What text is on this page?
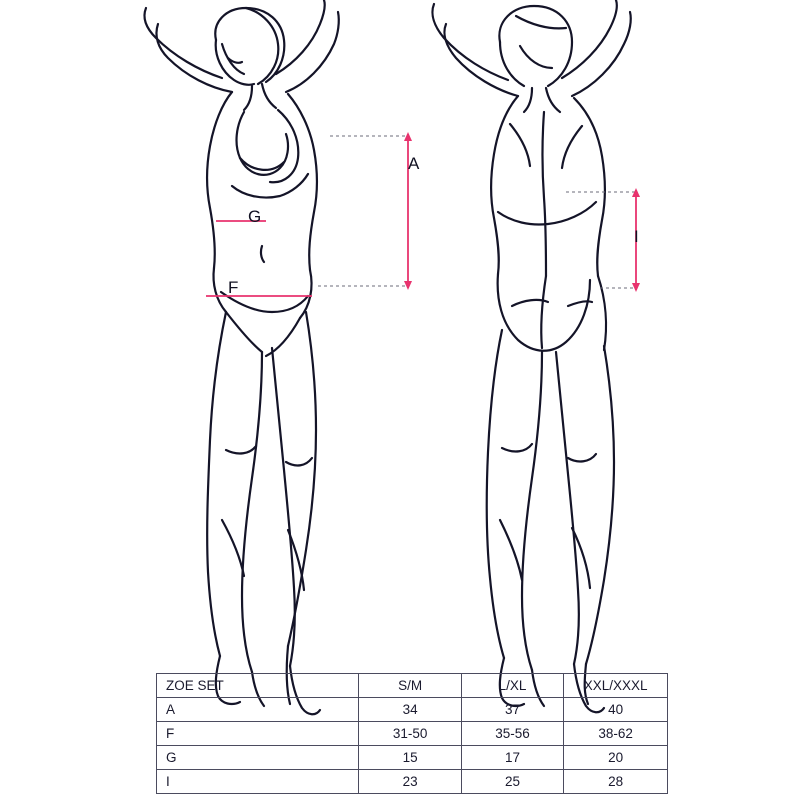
A
G
F
I
ZOE SET	S/M	L/XL	XXL/XXXL
A	34	37	40
F	31-50	35-56	38-62
G	15	17	20
I	23	25	28
